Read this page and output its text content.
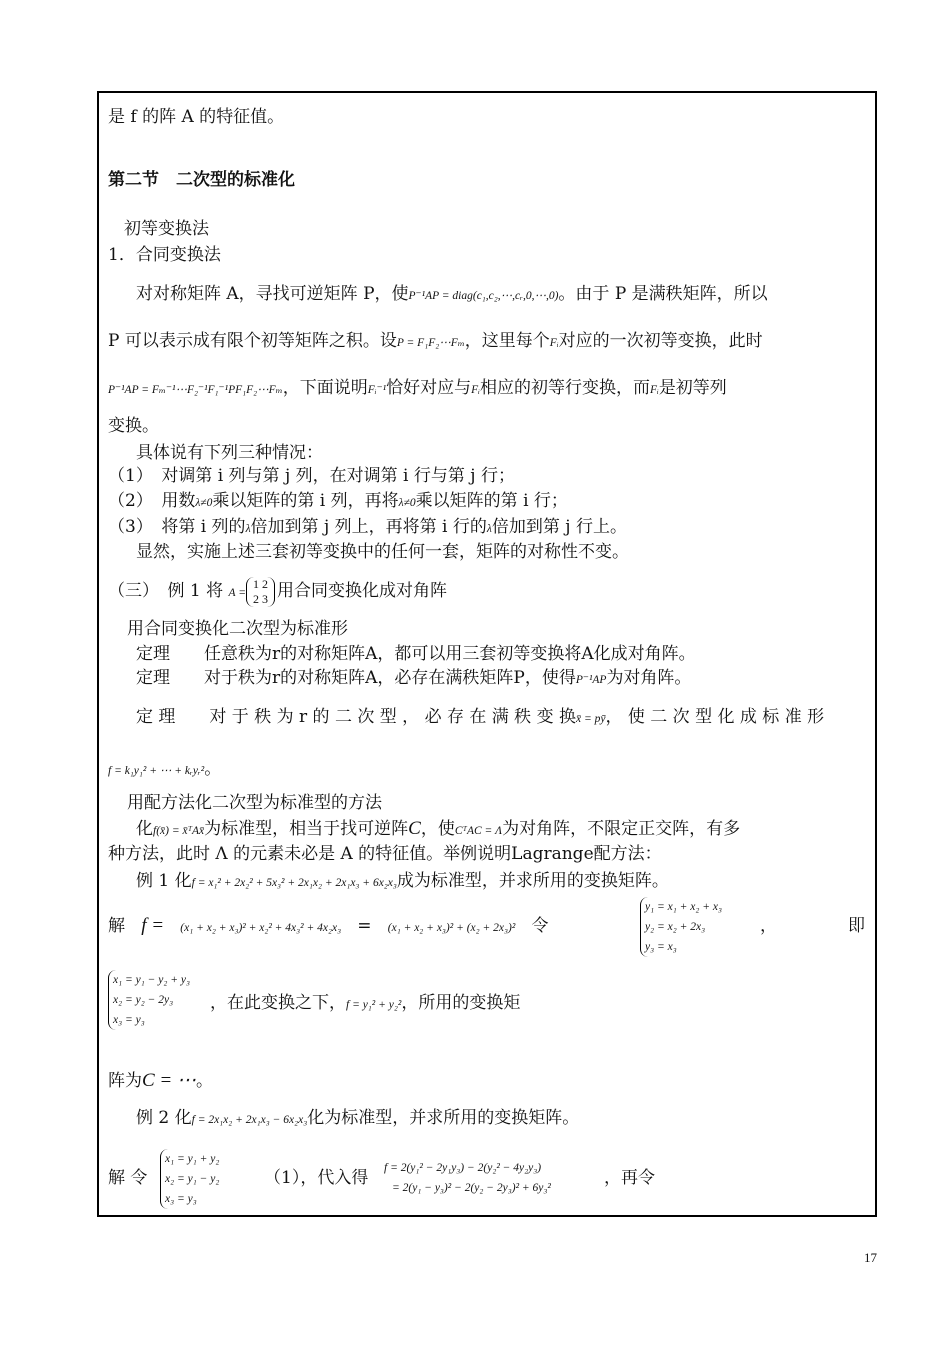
是 f 的阵 A 的特征值。
第二节　二次型的标准化
初等变换法
1．合同变换法
对对称矩阵 A，寻找可逆矩阵 P，使P⁻¹AP = diag(c₁,c₂,⋯,cᵣ,0,⋯,0)。由于 P 是满秩矩阵，所以
P 可以表示成有限个初等矩阵之积。设P = F₁F₂⋯Fₘ，这里每个Fᵢ对应的一次初等变换，此时
P⁻¹AP = Fₘ⁻¹⋯F₂⁻¹F₁⁻¹PF₁F₂⋯Fₘ，下面说明Fᵢ⁻¹恰好对应与Fᵢ相应的初等行变换，而Fᵢ是初等列
变换。
具体说有下列三种情况：
（1）　对调第 i 列与第 j 列，在对调第 i 行与第 j 行；
（2）　用数λ≠0乘以矩阵的第 i 列，再将λ≠0乘以矩阵的第 i 行；
（3）　将第 i 列的λ倍加到第 j 列上，再将第 i 行的λ倍加到第 j 行上。
显然，实施上述三套初等变换中的任何一套，矩阵的对称性不变。
（三）　例 1 将 A =
1 2
2 3 用合同变换化成对角阵
用合同变换化二次型为标准形
定理　　任意秩为r的对称矩阵A，都可以用三套初等变换将A化成对角阵。
定理　　对于秩为r的对称矩阵A，必存在满秩矩阵P，使得P⁻¹AP为对角阵。
定 理　　对 于 秩 为 r 的 二 次 型 ， 必 存 在 满 秩 变 换x̄ = pȳ， 使 二 次 型 化 成 标 准 形
f = k₁y₁² + ⋯ + kᵣyᵣ²。
用配方法化二次型为标准型的方法
化f(x̄) = x̄ᵀAx̄为标准型，相当于找可逆阵C，使CᵀAC = Λ为对角阵，不限定正交阵，有多
种方法，此时 Λ 的元素未必是 A 的特征值。举例说明Lagrange配方法：
例 1 化f = x₁² + 2x₂² + 5x₃² + 2x₁x₂ + 2x₁x₃ + 6x₂x₃成为标准型，并求所用的变换矩阵。
解 f = (x₁ + x₂ + x₃)² + x₂² + 4x₃² + 4x₂x₃ = (x₁ + x₂ + x₃)² + (x₂ + 2x₃)² 令
y₁ = x₁ + x₂ + x₃
y₂ = x₂ + 2x₃
y₃ = x₃
，	即
x₁ = y₁ − y₂ + y₃
x₂ = y₂ − 2y₃
x₃ = y₃
，在此变换之下，f = y₁² + y₂²，所用的变换矩
阵为C = ⋯。
例 2 化f = 2x₁x₂ + 2x₁x₃ − 6x₂x₃化为标准型，并求所用的变换矩阵。
解 令
x₁ = y₁ + y₂
x₂ = y₁ − y₂
x₃ = y₃
（1），代入得 f = 2(y₁² − 2y₁y₃) − 2(y₂² − 4y₂y₃)
= 2(y₁ − y₃)² − 2(y₂ − 2y₃)² + 6y₃²	，再令
17
